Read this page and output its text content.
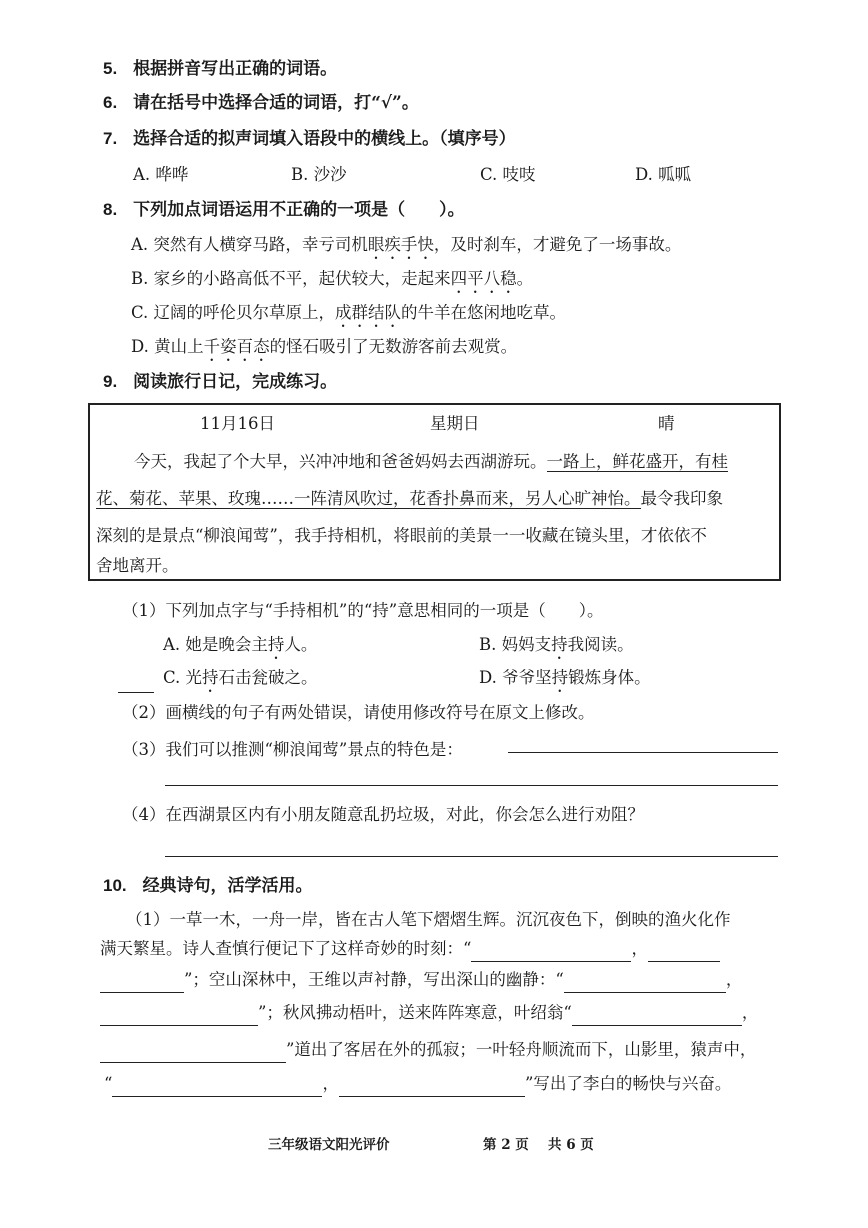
5. 根据拼音写出正确的词语。
6. 请在括号中选择合适的词语，打“√”。
7. 选择合适的拟声词填入语段中的横线上。（填序号）
A. 哗哗	B. 沙沙	C. 吱吱	D. 呱呱
8. 下列加点词语运用不正确的一项是（　　）。
A. 突然有人横穿马路，幸亏司机眼疾手快，及时刹车，才避免了一场事故。
B. 家乡的小路高低不平，起伏较大，走起来四平八稳。
C. 辽阔的呼伦贝尔草原上，成群结队的牛羊在悠闲地吃草。
D. 黄山上千姿百态的怪石吸引了无数游客前去观赏。
9. 阅读旅行日记，完成练习。
11月16日	星期日	晴
今天，我起了个大早，兴冲冲地和爸爸妈妈去西湖游玩。一路上，鲜花盛开，有桂
花、菊花、苹果、玫瑰……一阵清风吹过，花香扑鼻而来，另人心旷神怡。最令我印象
深刻的是景点“柳浪闻莺”，我手持相机，将眼前的美景一一收藏在镜头里，才依依不
舍地离开。
（1）下列加点字与“手持相机”的“持”意思相同的一项是（　　）。
A. 她是晚会主持人。	B. 妈妈支持我阅读。
C. 光持石击瓮破之。	D. 爷爷坚持锻炼身体。
（2）画横线的句子有两处错误，请使用修改符号在原文上修改。
（3）我们可以推测“柳浪闻莺”景点的特色是：
（4）在西湖景区内有小朋友随意乱扔垃圾，对此，你会怎么进行劝阻？
10. 经典诗句，活学活用。
（1）一草一木，一舟一岸，皆在古人笔下熠熠生辉。沉沉夜色下，倒映的渔火化作
满天繁星。诗人查慎行便记下了这样奇妙的时刻：“	，
”；空山深林中，王维以声衬静，写出深山的幽静：“	，
”；秋风拂动梧叶，送来阵阵寒意，叶绍翁“	，
”道出了客居在外的孤寂；一叶轻舟顺流而下，山影里，猿声中，
“	，	”写出了李白的畅快与兴奋。
三年级语文阳光评价	第 2 页 共 6 页
